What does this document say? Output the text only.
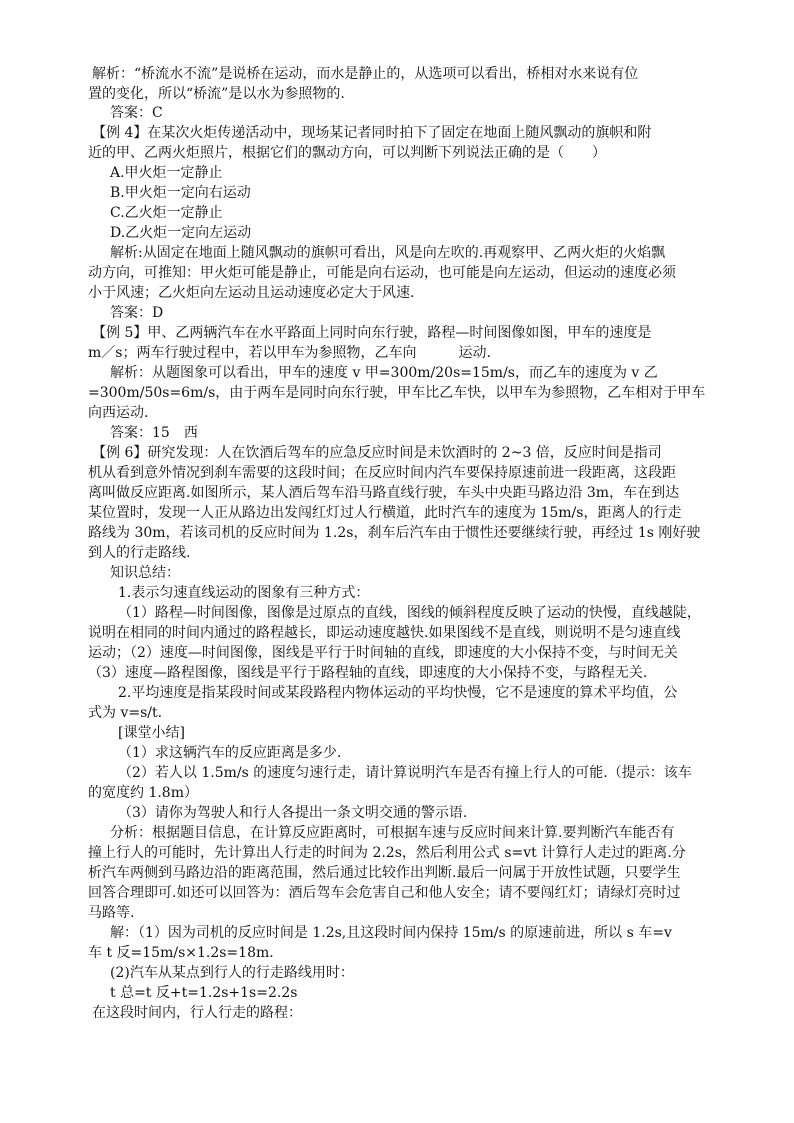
解析：“桥流水不流”是说桥在运动，而水是静止的，从选项可以看出，桥相对水来说有位
置的变化，所以“桥流”是以水为参照物的.
答案：C
【例 4】在某次火炬传递活动中，现场某记者同时拍下了固定在地面上随风飘动的旗帜和附
近的甲、乙两火炬照片，根据它们的飘动方向，可以判断下列说法正确的是（　　）
A.甲火炬一定静止
B.甲火炬一定向右运动
C.乙火炬一定静止
D.乙火炬一定向左运动
解析:从固定在地面上随风飘动的旗帜可看出，风是向左吹的.再观察甲、乙两火炬的火焰飘
动方向，可推知：甲火炬可能是静止，可能是向右运动，也可能是向左运动，但运动的速度必须
小于风速；乙火炬向左运动且运动速度必定大于风速.
答案：D
【例 5】甲、乙两辆汽车在水平路面上同时向东行驶，路程—时间图像如图，甲车的速度是
m／s；两车行驶过程中，若以甲车为参照物，乙车向　　　运动.
解析：从题图象可以看出，甲车的速度 v 甲=300m/20s=15m/s，而乙车的速度为 v 乙
=300m/50s=6m/s，由于两车是同时向东行驶，甲车比乙车快，以甲车为参照物，乙车相对于甲车
向西运动.
答案：15　西
【例 6】研究发现：人在饮酒后驾车的应急反应时间是未饮酒时的 2~3 倍，反应时间是指司
机从看到意外情况到刹车需要的这段时间；在反应时间内汽车要保持原速前进一段距离，这段距
离叫做反应距离.如图所示，某人酒后驾车沿马路直线行驶，车头中央距马路边沿 3m，车在到达
某位置时，发现一人正从路边出发闯红灯过人行横道，此时汽车的速度为 15m/s，距离人的行走
路线为 30m，若该司机的反应时间为 1.2s，刹车后汽车由于惯性还要继续行驶，再经过 1s 刚好驶
到人的行走路线.
知识总结：
1.表示匀速直线运动的图象有三种方式：
（1）路程—时间图像，图像是过原点的直线，图线的倾斜程度反映了运动的快慢，直线越陡，
说明在相同的时间内通过的路程越长，即运动速度越快.如果图线不是直线，则说明不是匀速直线
运动；（2）速度—时间图像，图线是平行于时间轴的直线，即速度的大小保持不变，与时间无关
（3）速度—路程图像，图线是平行于路程轴的直线，即速度的大小保持不变，与路程无关.
2.平均速度是指某段时间或某段路程内物体运动的平均快慢，它不是速度的算术平均值，公
式为 v=s/t.
[课堂小结]
（1）求这辆汽车的反应距离是多少.
（2）若人以 1.5m/s 的速度匀速行走，请计算说明汽车是否有撞上行人的可能.（提示：该车
的宽度约 1.8m）
（3）请你为驾驶人和行人各提出一条文明交通的警示语.
分析：根据题目信息，在计算反应距离时，可根据车速与反应时间来计算.要判断汽车能否有
撞上行人的可能时，先计算出人行走的时间为 2.2s，然后利用公式 s=vt 计算行人走过的距离.分
析汽车两侧到马路边沿的距离范围，然后通过比较作出判断.最后一问属于开放性试题，只要学生
回答合理即可.如还可以回答为：酒后驾车会危害自己和他人安全；请不要闯红灯；请绿灯亮时过
马路等.
解：（1）因为司机的反应时间是 1.2s,且这段时间内保持 15m/s 的原速前进，所以 s 车=v
车 t 反=15m/s×1.2s=18m.
(2)汽车从某点到行人的行走路线用时：
t 总=t 反+t=1.2s+1s=2.2s
在这段时间内，行人行走的路程：
